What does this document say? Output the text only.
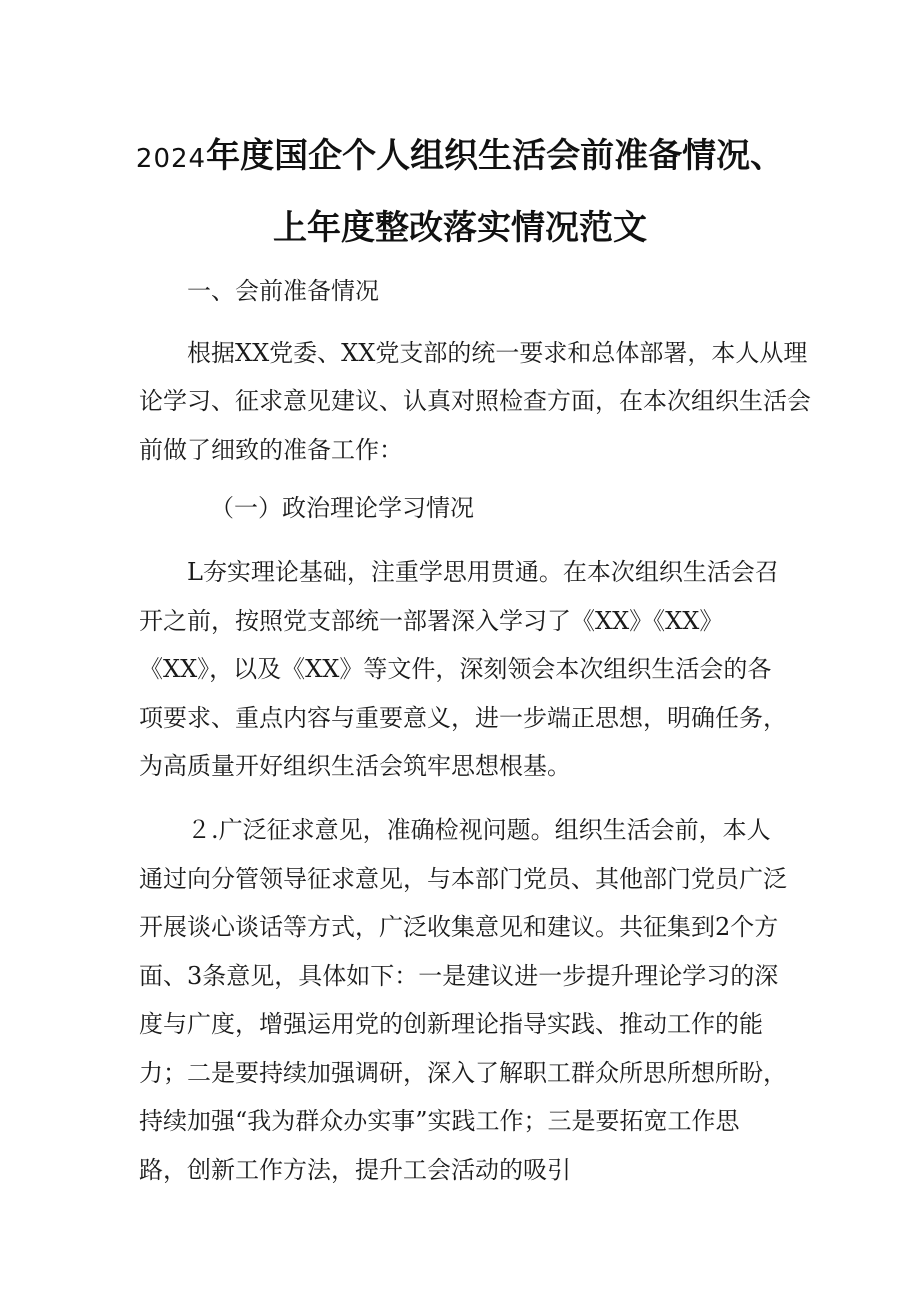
2024年度国企个人组织生活会前准备情况、
上年度整改落实情况范文
一、会前准备情况
根据XX党委、XX党支部的统一要求和总体部署，本人从理
论学习、征求意见建议、认真对照检查方面，在本次组织生活会
前做了细致的准备工作：
（一）政治理论学习情况
L夯实理论基础，注重学思用贯通。在本次组织生活会召
开之前，按照党支部统一部署深入学习了《XX》《XX》
《XX》，以及《XX》等文件，深刻领会本次组织生活会的各
项要求、重点内容与重要意义，进一步端正思想，明确任务，
为高质量开好组织生活会筑牢思想根基。
２.广泛征求意见，准确检视问题。组织生活会前，本人
通过向分管领导征求意见，与本部门党员、其他部门党员广泛
开展谈心谈话等方式，广泛收集意见和建议。共征集到2个方
面、3条意见，具体如下：一是建议进一步提升理论学习的深
度与广度，增强运用党的创新理论指导实践、推动工作的能
力；二是要持续加强调研，深入了解职工群众所思所想所盼，
持续加强“我为群众办实事”实践工作；三是要拓宽工作思
路，创新工作方法，提升工会活动的吸引
